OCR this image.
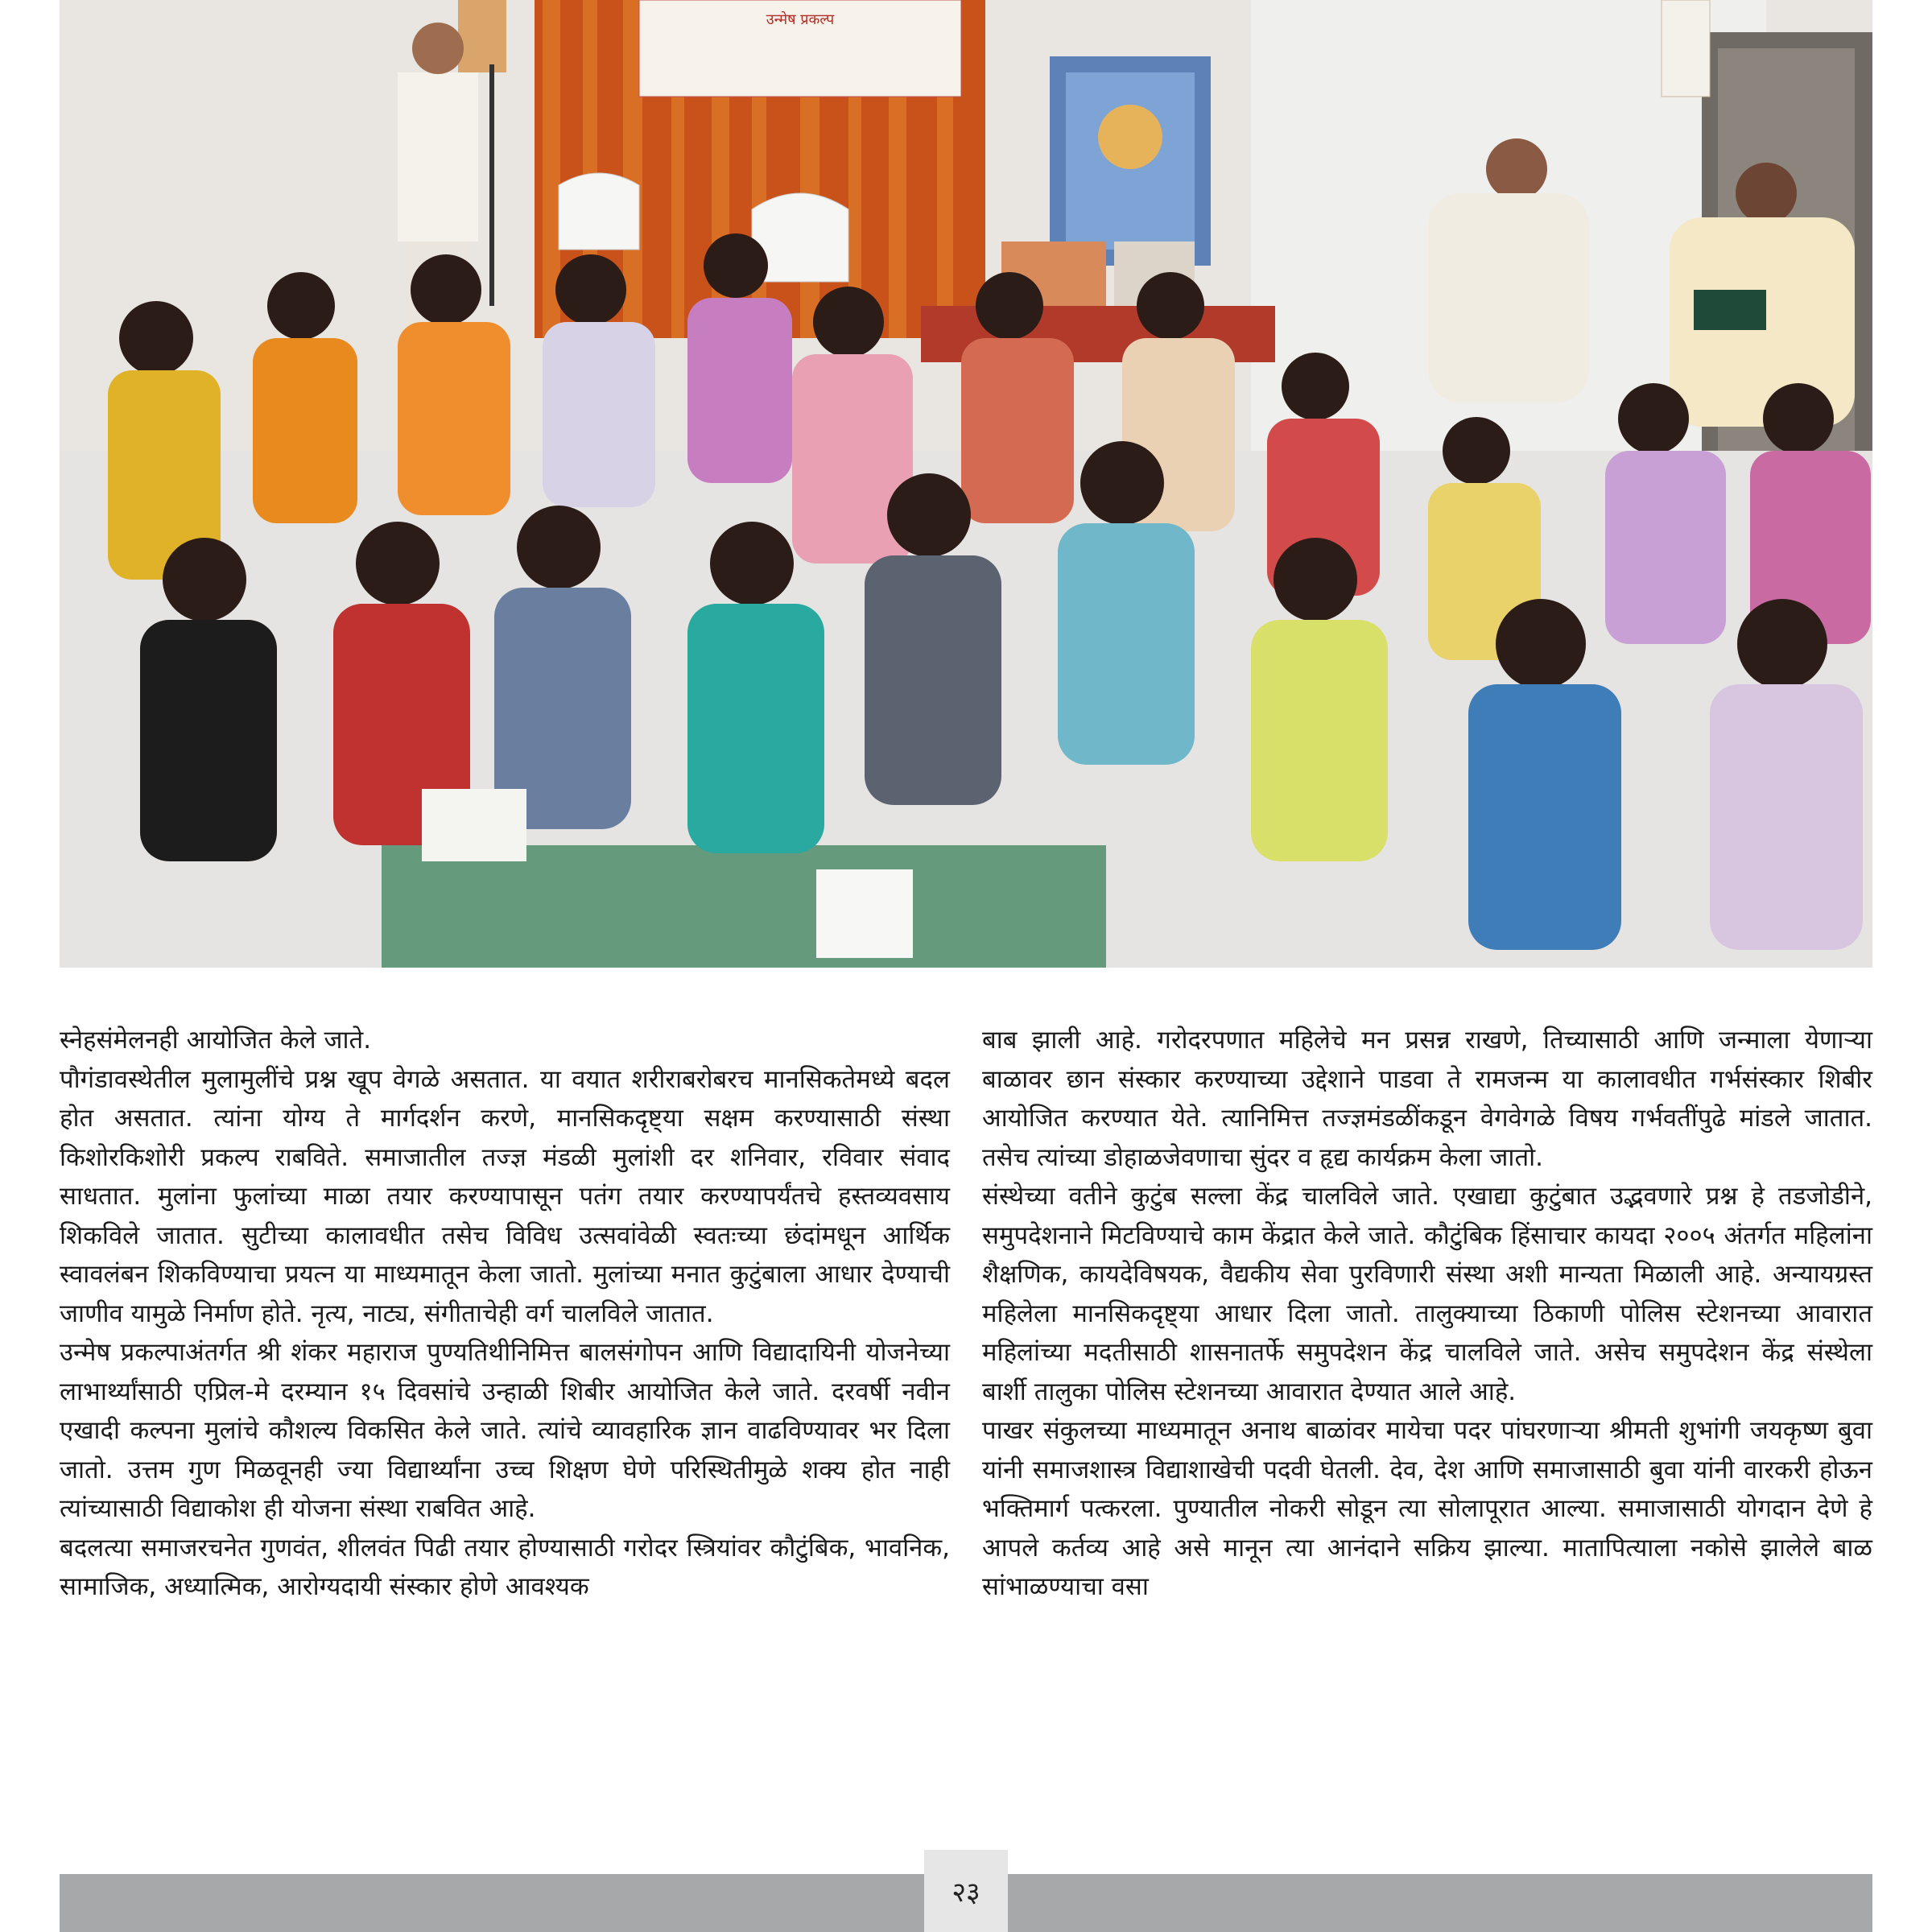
उन्मेष प्रकल्प

स्नेहसंमेलनही आयोजित केले जाते.

पौगंडावस्थेतील मुलामुलींचे प्रश्न खूप वेगळे असतात. या वयात शरीराबरोबरच मानसिकतेमध्ये बदल होत असतात. त्यांना योग्य ते मार्गदर्शन करणे, मानसिकदृष्ट्या सक्षम करण्यासाठी संस्था किशोरकिशोरी प्रकल्प राबविते. समाजातील तज्ज्ञ मंडळी मुलांशी दर शनिवार, रविवार संवाद साधतात. मुलांना फुलांच्या माळा तयार करण्यापासून पतंग तयार करण्यापर्यंतचे हस्तव्यवसाय शिकविले जातात. सुटीच्या कालावधीत तसेच विविध उत्सवांवेळी स्वतःच्या छंदांमधून आर्थिक स्वावलंबन शिकविण्याचा प्रयत्न या माध्यमातून केला जातो. मुलांच्या मनात कुटुंबाला आधार देण्याची जाणीव यामुळे निर्माण होते. नृत्य, नाट्य, संगीताचेही वर्ग चालविले जातात.

उन्मेष प्रकल्पाअंतर्गत श्री शंकर महाराज पुण्यतिथीनिमित्त बालसंगोपन आणि विद्यादायिनी योजनेच्या लाभार्थ्यांसाठी एप्रिल-मे दरम्यान १५ दिवसांचे उन्हाळी शिबीर आयोजित केले जाते. दरवर्षी नवीन एखादी कल्पना मुलांचे कौशल्य विकसित केले जाते. त्यांचे व्यावहारिक ज्ञान वाढविण्यावर भर दिला जातो. उत्तम गुण मिळवूनही ज्या विद्यार्थ्यांना उच्च शिक्षण घेणे परिस्थितीमुळे शक्य होत नाही त्यांच्यासाठी विद्याकोश ही योजना संस्था राबवित आहे.

बदलत्या समाजरचनेत गुणवंत, शीलवंत पिढी तयार होण्यासाठी गरोदर स्त्रियांवर कौटुंबिक, भावनिक, सामाजिक, अध्यात्मिक, आरोग्यदायी संस्कार होणे आवश्यक

बाब झाली आहे. गरोदरपणात महिलेचे मन प्रसन्न राखणे, तिच्यासाठी आणि जन्माला येणाऱ्या बाळावर छान संस्कार करण्याच्या उद्देशाने पाडवा ते रामजन्म या कालावधीत गर्भसंस्कार शिबीर आयोजित करण्यात येते. त्यानिमित्त तज्ज्ञमंडळींकडून वेगवेगळे विषय गर्भवतींपुढे मांडले जातात. तसेच त्यांच्या डोहाळजेवणाचा सुंदर व हृद्य कार्यक्रम केला जातो.

संस्थेच्या वतीने कुटुंब सल्ला केंद्र चालविले जाते. एखाद्या कुटुंबात उद्भवणारे प्रश्न हे तडजोडीने, समुपदेशनाने मिटविण्याचे काम केंद्रात केले जाते. कौटुंबिक हिंसाचार कायदा २००५ अंतर्गत महिलांना शैक्षणिक, कायदेविषयक, वैद्यकीय सेवा पुरविणारी संस्था अशी मान्यता मिळाली आहे. अन्यायग्रस्त महिलेला मानसिकदृष्ट्या आधार दिला जातो. तालुक्याच्या ठिकाणी पोलिस स्टेशनच्या आवारात महिलांच्या मदतीसाठी शासनातर्फे समुपदेशन केंद्र चालविले जाते. असेच समुपदेशन केंद्र संस्थेला बार्शी तालुका पोलिस स्टेशनच्या आवारात देण्यात आले आहे.

पाखर संकुलच्या माध्यमातून अनाथ बाळांवर मायेचा पदर पांघरणाऱ्या श्रीमती शुभांगी जयकृष्ण बुवा यांनी समाजशास्त्र विद्याशाखेची पदवी घेतली. देव, देश आणि समाजासाठी बुवा यांनी वारकरी होऊन भक्तिमार्ग पत्करला. पुण्यातील नोकरी सोडून त्या सोलापूरात आल्या. समाजासाठी योगदान देणे हे आपले कर्तव्य आहे असे मानून त्या आनंदाने सक्रिय झाल्या. मातापित्याला नकोसे झालेले बाळ सांभाळण्याचा वसा

२३
